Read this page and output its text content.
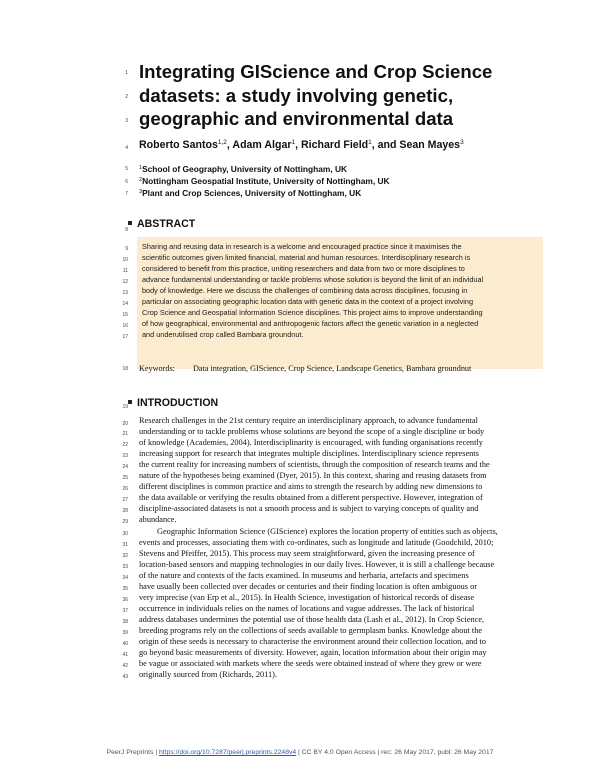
1
2
3
4
5
6
7
8
9
10
11
12
13
14
15
16
17
18
19
20
21
22
23
24
25
26
27
28
29
30
31
32
33
34
35
36
37
38
39
40
41
42
43
Integrating GIScience and Crop Science
datasets: a study involving genetic,
geographic and environmental data
Roberto Santos$^{1,2}$, Adam Algar$^1$, Richard Field$^1$, and Sean Mayes$^3$
$^1$School of Geography, University of Nottingham, UK
$^2$Nottingham Geospatial Institute, University of Nottingham, UK
$^3$Plant and Crop Sciences, University of Nottingham, UK
ABSTRACT
Sharing and reusing data in research is a welcome and encouraged practice since it maximises the
scientific outcomes given limited financial, material and human resources. Interdisciplinary research is
considered to benefit from this practice, uniting researchers and data from two or more disciplines to
advance fundamental understanding or tackle problems whose solution is beyond the limit of an individual
body of knowledge. Here we discuss the challenges of combining data across disciplines, focusing in
particular on associating geographic location data with genetic data in the context of a project involving
Crop Science and Geospatial Information Science disciplines. This project aims to improve understanding
of how geographical, environmental and anthropogenic factors affect the genetic variation in a neglected
and underutilised crop called Bambara groundnut.
Keywords: Data integration, GIScience, Crop Science, Landscape Genetics, Bambara groundnut
INTRODUCTION
Research challenges in the 21st century require an interdisciplinary approach, to advance fundamental
understanding or to tackle problems whose solutions are beyond the scope of a single discipline or body
of knowledge (Academies, 2004). Interdisciplinarity is encouraged, with funding organisations recently
increasing support for research that integrates multiple disciplines. Interdisciplinary science represents
the current reality for increasing numbers of scientists, through the composition of research teams and the
nature of the hypotheses being examined (Dyer, 2015). In this context, sharing and reusing datasets from
different disciplines is common practice and aims to strength the research by adding new dimensions to
the data available or verifying the results obtained from a different perspective. However, integration of
discipline-associated datasets is not a smooth process and is subject to varying concepts of quality and
abundance.
Geographic Information Science (GIScience) explores the location property of entities such as objects,
events and processes, associating them with co-ordinates, such as longitude and latitude (Goodchild, 2010;
Stevens and Pfeiffer, 2015). This process may seem straightforward, given the increasing presence of
location-based sensors and mapping technologies in our daily lives. However, it is still a challenge because
of the nature and contexts of the facts examined. In museums and herbaria, artefacts and specimens
have usually been collected over decades or centuries and their finding location is often ambiguous or
very imprecise (van Erp et al., 2015). In Health Science, investigation of historical records of disease
occurrence in individuals relies on the names of locations and vague addresses. The lack of historical
address databases undermines the potential use of those health data (Lash et al., 2012). In Crop Science,
breeding programs rely on the collections of seeds available to germplasm banks. Knowledge about the
origin of these seeds is necessary to characterise the environment around their collection location, and to
go beyond basic measurements of diversity. However, again, location information about their origin may
be vague or associated with markets where the seeds were obtained instead of where they grew or were
originally sourced from (Richards, 2011).
PeerJ Preprints | https://doi.org/10.7287/peerj.preprints.2248v4 | CC BY 4.0 Open Access | rec: 26 May 2017, publ: 26 May 2017
